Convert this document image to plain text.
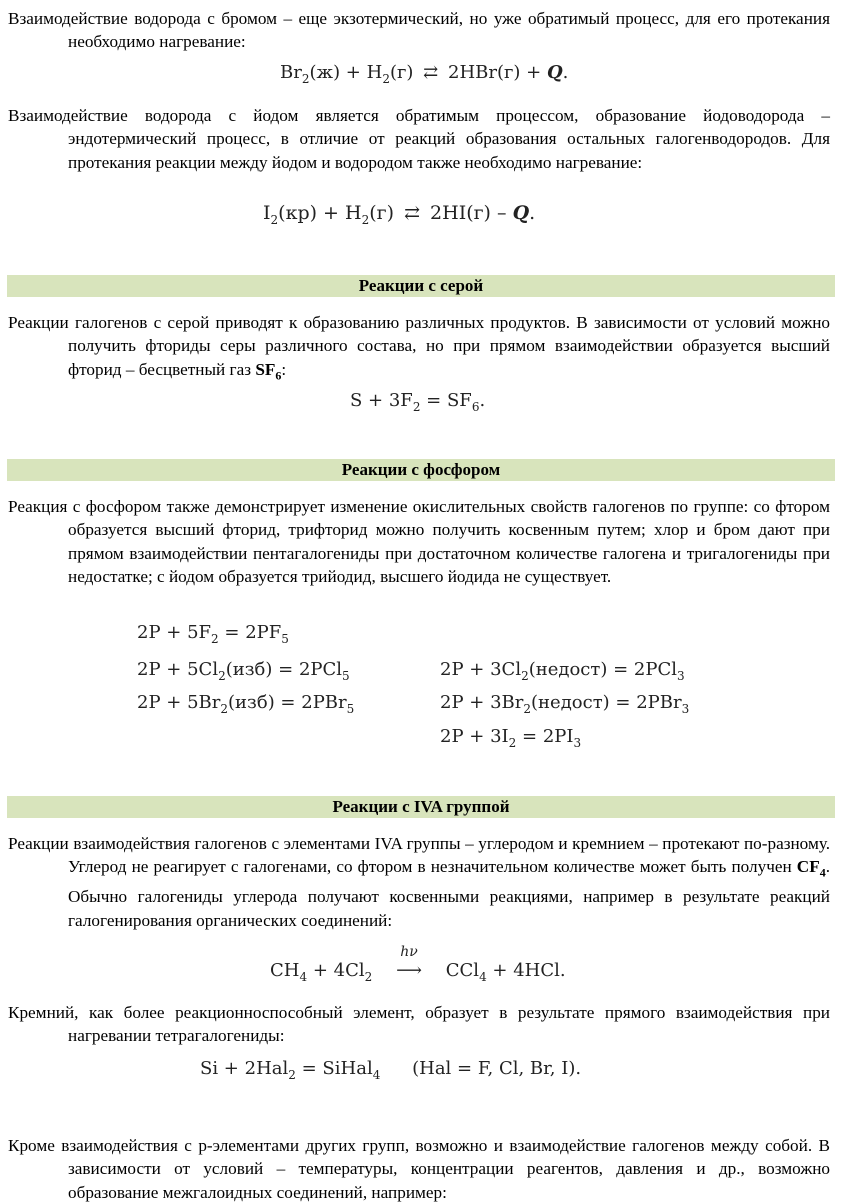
Взаимодействие водорода с бромом – еще экзотермический, но уже обратимый процесс, для его протекания необходимо нагревание:

$Br_2(ж) + H_2(г)$ ⇄ 2HBr(г) + Q.

Взаимодействие водорода с йодом является обратимым процессом, образование йодоводорода – эндотермический процесс, в отличие от реакций образования остальных галогенводородов. Для протекания реакции между йодом и водородом также необходимо нагревание:

$I_2(кр) + H_2(г)$ ⇄ 2HI(г) – Q.
Реакции с серой

Реакции галогенов с серой приводят к образованию различных продуктов. В зависимости от условий можно получить фториды серы различного состава, но при прямом взаимодействии образуется высший фторид – бесцветный газ $SF_6$:

$S + 3F_2 = SF_6$.
Реакции с фосфором

Реакция с фосфором также демонстрирует изменение окислительных свойств галогенов по группе: со фтором образуется высший фторид, трифторид можно получить косвенным путем; хлор и бром дают при прямом взаимодействии пентагалогениды при достаточном количестве галогена и тригалогениды при недостатке; с йодом образуется трийодид, высшего йодида не существует.

$2P + 5F_2 = 2PF_5$
$2P + 5Cl_2(изб) = 2PCl_5$
$2P + 5Br_2(изб) = 2PBr_5$
$2P + 3Cl_2(недост) = 2PCl_3$
$2P + 3Br_2(недост) = 2PBr_3$
$2P + 3I_2 = 2PI_3$
Реакции с IVA группой

Реакции взаимодействия галогенов с элементами IVA группы – углеродом и кремнием – протекают по-разному. Углерод не реагирует с галогенами, со фтором в незначительном количестве может быть получен $CF_4$. Обычно галогениды углерода получают косвенными реакциями, например в результате реакций галогенирования органических соединений:

$CH_4 + 4Cl_2$
hν
⟶ CCl$_4$ + 4HCl.

Кремний, как более реакционноспособный элемент, образует в результате прямого взаимодействия при нагревании тетрагалогениды:

Si + 2Hal$_2$ = SiHal$_4$ (Hal = F, Cl, Br, I).

Кроме взаимодействия с р-элементами других групп, возможно и взаимодействие галогенов между собой. В зависимости от условий – температуры, концентрации реагентов, давления и др., возможно образование межгалоидных соединений, например:
